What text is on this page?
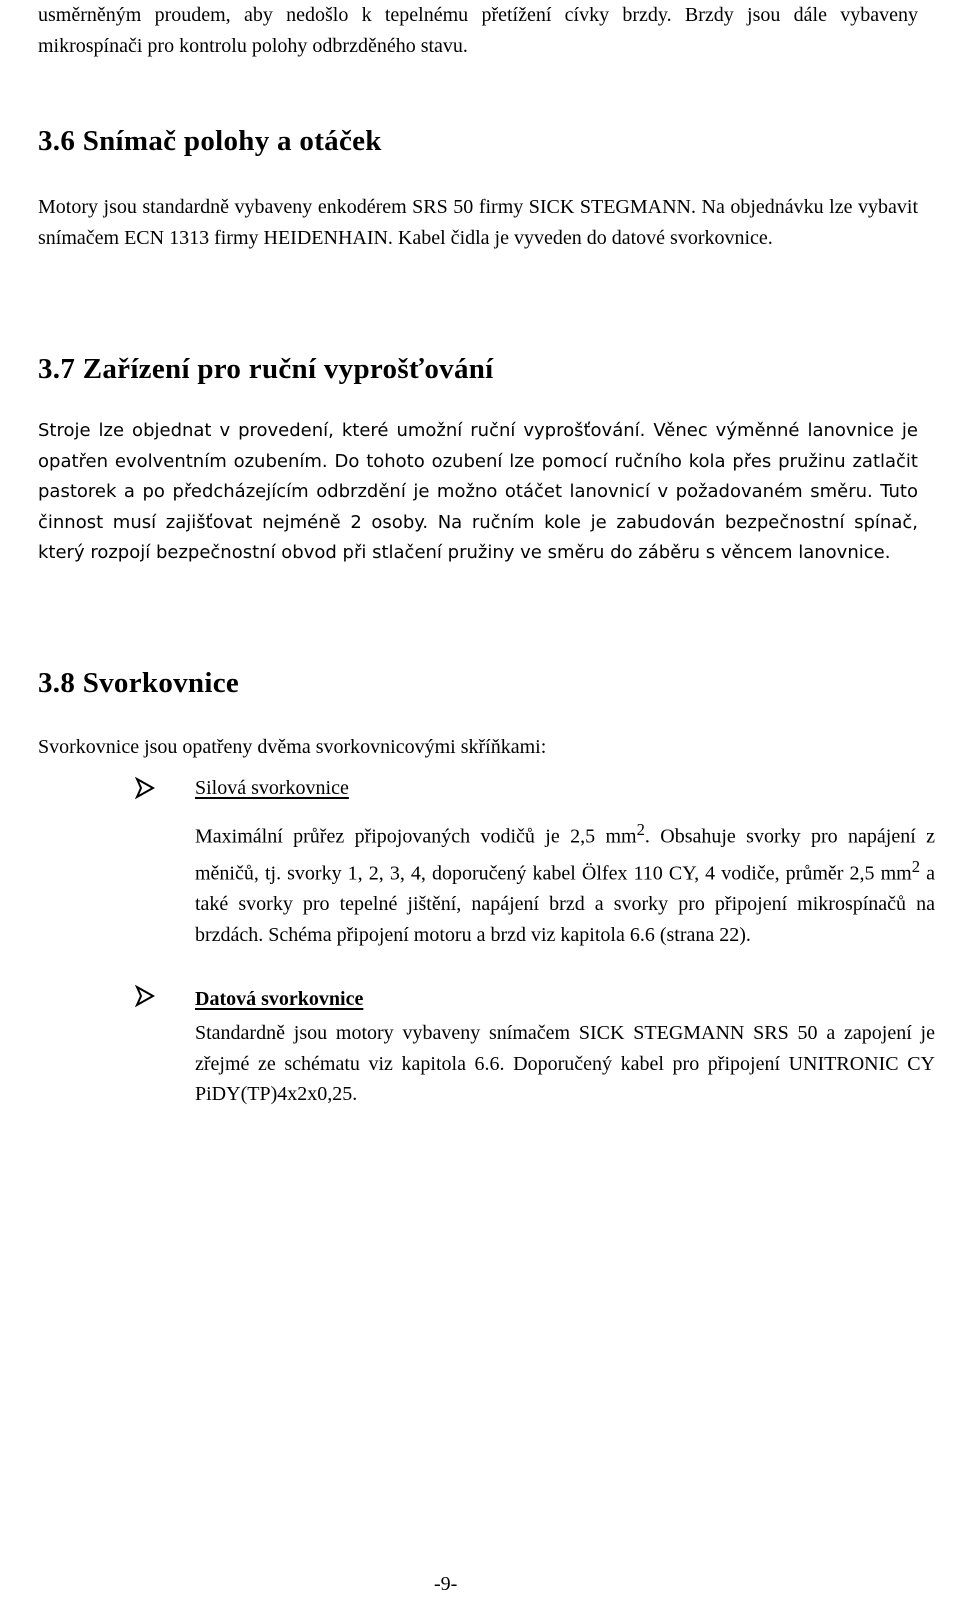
usměrněným proudem, aby nedošlo k tepelnému přetížení cívky brzdy. Brzdy jsou dále vybaveny mikrospínači pro kontrolu polohy odbrzděného stavu.

3.6 Snímač polohy a otáček

Motory jsou standardně vybaveny enkodérem SRS 50 firmy SICK STEGMANN. Na objednávku lze vybavit snímačem ECN 1313 firmy HEIDENHAIN. Kabel čidla je vyveden do datové svorkovnice.

3.7 Zařízení pro ruční vyprošťování

Stroje lze objednat v provedení, které umožní ruční vyprošťování. Věnec výměnné lanovnice je opatřen evolventním ozubením. Do tohoto ozubení lze pomocí ručního kola přes pružinu zatlačit pastorek a po předcházejícím odbrzdění je možno otáčet lanovnicí v požadovaném směru. Tuto činnost musí zajišťovat nejméně 2 osoby. Na ručním kole je zabudován bezpečnostní spínač, který rozpojí bezpečnostní obvod při stlačení pružiny ve směru do záběru s věncem lanovnice.

3.8 Svorkovnice

Svorkovnice jsou opatřeny dvěma svorkovnicovými skříňkami:

Silová svorkovnice

Maximální průřez připojovaných vodičů je 2,5 $mm^2$. Obsahuje svorky pro napájení z měničů, tj. svorky 1, 2, 3, 4, doporučený kabel Ölfex 110 CY, 4 vodiče, průměr 2,5 $mm^2$ a také svorky pro tepelné jištění, napájení brzd a svorky pro připojení mikrospínačů na brzdách. Schéma připojení motoru a brzd viz kapitola 6.6 (strana 22).

Datová svorkovnice

Standardně jsou motory vybaveny snímačem SICK STEGMANN SRS 50 a zapojení je zřejmé ze schématu viz kapitola 6.6. Doporučený kabel pro připojení UNITRONIC CY PiDY(TP)4x2x0,25.

-9-
